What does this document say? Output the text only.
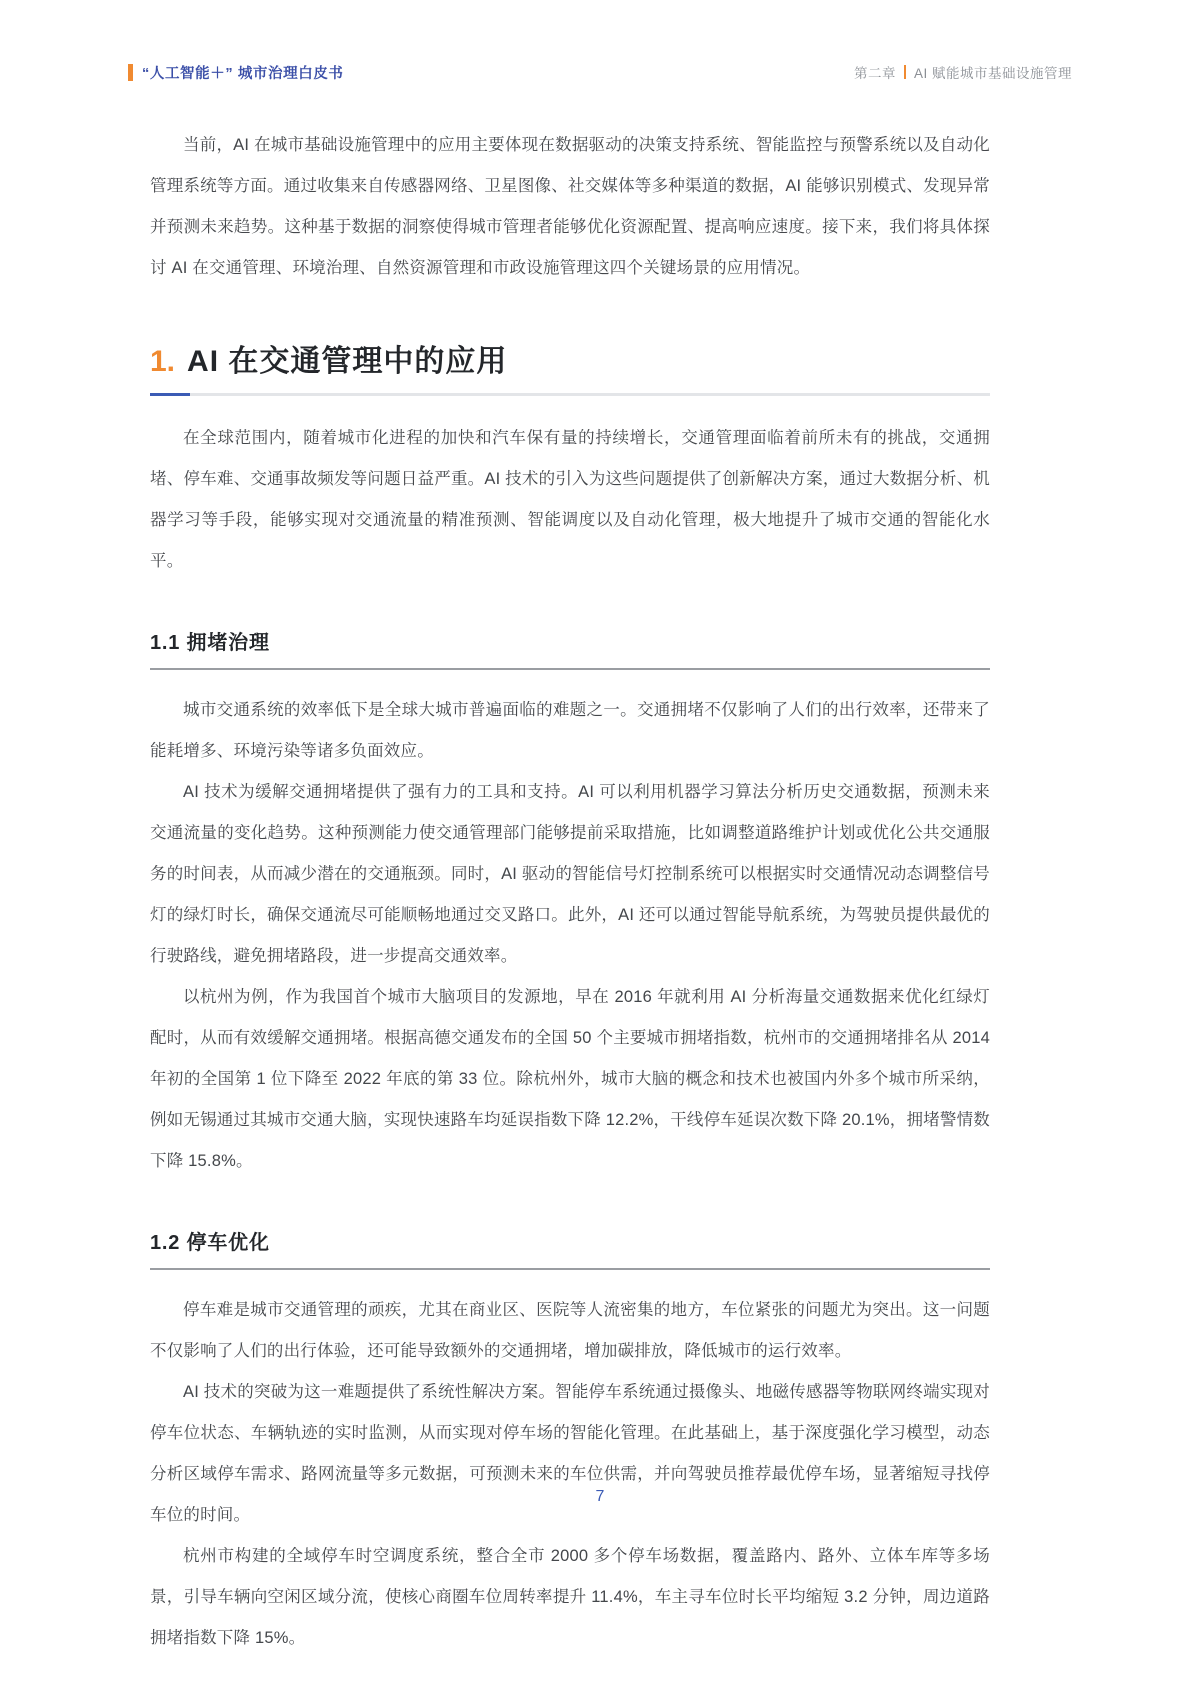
“人工智能＋” 城市治理白皮书	第二章 AI 赋能城市基础设施管理

当前，AI 在城市基础设施管理中的应用主要体现在数据驱动的决策支持系统、智能监控与预警系统以及自动化管理系统等方面。通过收集来自传感器网络、卫星图像、社交媒体等多种渠道的数据，AI 能够识别模式、发现异常并预测未来趋势。这种基于数据的洞察使得城市管理者能够优化资源配置、提高响应速度。接下来，我们将具体探讨 AI 在交通管理、环境治理、自然资源管理和市政设施管理这四个关键场景的应用情况。

1. AI 在交通管理中的应用

在全球范围内，随着城市化进程的加快和汽车保有量的持续增长，交通管理面临着前所未有的挑战，交通拥堵、停车难、交通事故频发等问题日益严重。AI 技术的引入为这些问题提供了创新解决方案，通过大数据分析、机器学习等手段，能够实现对交通流量的精准预测、智能调度以及自动化管理，极大地提升了城市交通的智能化水平。

1.1 拥堵治理

城市交通系统的效率低下是全球大城市普遍面临的难题之一。交通拥堵不仅影响了人们的出行效率，还带来了能耗增多、环境污染等诸多负面效应。

AI 技术为缓解交通拥堵提供了强有力的工具和支持。AI 可以利用机器学习算法分析历史交通数据，预测未来交通流量的变化趋势。这种预测能力使交通管理部门能够提前采取措施，比如调整道路维护计划或优化公共交通服务的时间表，从而减少潜在的交通瓶颈。同时，AI 驱动的智能信号灯控制系统可以根据实时交通情况动态调整信号灯的绿灯时长，确保交通流尽可能顺畅地通过交叉路口。此外，AI 还可以通过智能导航系统，为驾驶员提供最优的行驶路线，避免拥堵路段，进一步提高交通效率。

以杭州为例，作为我国首个城市大脑项目的发源地，早在 2016 年就利用 AI 分析海量交通数据来优化红绿灯配时，从而有效缓解交通拥堵。根据高德交通发布的全国 50 个主要城市拥堵指数，杭州市的交通拥堵排名从 2014 年初的全国第 1 位下降至 2022 年底的第 33 位。除杭州外，城市大脑的概念和技术也被国内外多个城市所采纳，例如无锡通过其城市交通大脑，实现快速路车均延误指数下降 12.2%，干线停车延误次数下降 20.1%，拥堵警情数下降 15.8%。

1.2 停车优化

停车难是城市交通管理的顽疾，尤其在商业区、医院等人流密集的地方，车位紧张的问题尤为突出。这一问题不仅影响了人们的出行体验，还可能导致额外的交通拥堵，增加碳排放，降低城市的运行效率。

AI 技术的突破为这一难题提供了系统性解决方案。智能停车系统通过摄像头、地磁传感器等物联网终端实现对停车位状态、车辆轨迹的实时监测，从而实现对停车场的智能化管理。在此基础上，基于深度强化学习模型，动态分析区域停车需求、路网流量等多元数据，可预测未来的车位供需，并向驾驶员推荐最优停车场，显著缩短寻找停车位的时间。

杭州市构建的全域停车时空调度系统，整合全市 2000 多个停车场数据，覆盖路内、路外、立体车库等多场景，引导车辆向空闲区域分流，使核心商圈车位周转率提升 11.4%，车主寻车位时长平均缩短 3.2 分钟，周边道路拥堵指数下降 15%。

7
